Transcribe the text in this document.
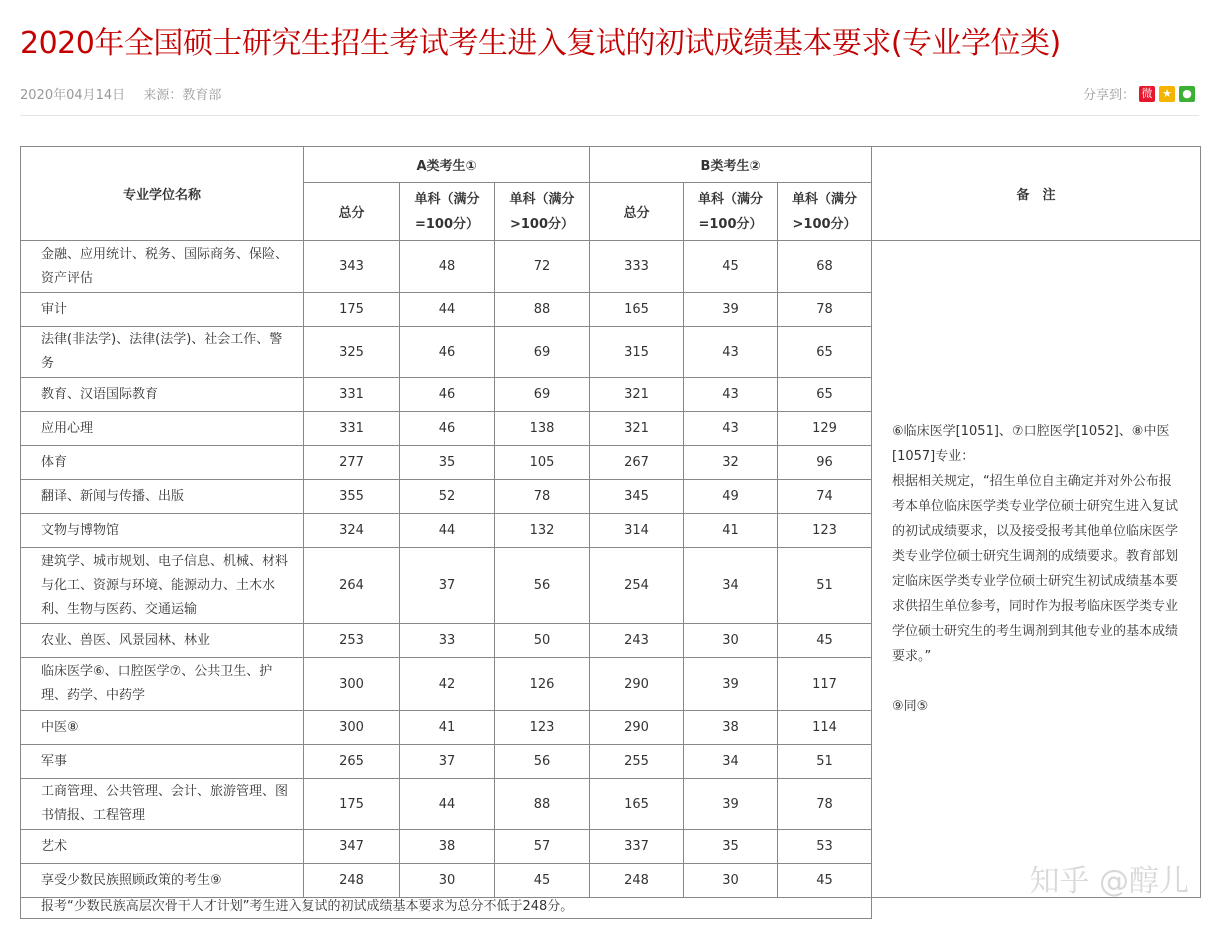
2020年全国硕士研究生招生考试考生进入复试的初试成绩基本要求(专业学位类)
2020年04月14日 来源：教育部	分享到： 微 ★ ●
专业学位名称	A类考生①			B类考生②			备　注
	总分	单科（满分=100分）	单科（满分>100分）	总分	单科（满分=100分）	单科（满分>100分）	
金融、应用统计、税务、国际商务、保险、资产评估	343	48	72	333	45	68	⑥临床医学[1051]、⑦口腔医学[1052]、⑧中医[1057]专业：
根据相关规定，“招生单位自主确定并对外公布报考本单位临床医学类专业学位硕士研究生进入复试的初试成绩要求，以及接受报考其他单位临床医学类专业学位硕士研究生调剂的成绩要求。教育部划定临床医学类专业学位硕士研究生初试成绩基本要求供招生单位参考，同时作为报考临床医学类专业学位硕士研究生的考生调剂到其他专业的基本成绩要求。”
⑨同⑤

审计	175	44	88	165	39	78	
法律(非法学)、法律(法学)、社会工作、警务	325	46	69	315	43	65	
教育、汉语国际教育	331	46	69	321	43	65	
应用心理	331	46	138	321	43	129	
体育	277	35	105	267	32	96	
翻译、新闻与传播、出版	355	52	78	345	49	74	
文物与博物馆	324	44	132	314	41	123	
建筑学、城市规划、电子信息、机械、材料与化工、资源与环境、能源动力、土木水利、生物与医药、交通运输	264	37	56	254	34	51	
农业、兽医、风景园林、林业	253	33	50	243	30	45	
临床医学⑥、口腔医学⑦、公共卫生、护理、药学、中药学	300	42	126	290	39	117	
中医⑧	300	41	123	290	38	114	
军事	265	37	56	255	34	51	
工商管理、公共管理、会计、旅游管理、图书情报、工程管理	175	44	88	165	39	78	
艺术	347	38	57	337	35	53	
享受少数民族照顾政策的考生⑨	248	30	45	248	30	45	
报考“少数民族高层次骨干人才计划”考生进入复试的初试成绩基本要求为总分不低于248分。							
知乎 @醇儿
